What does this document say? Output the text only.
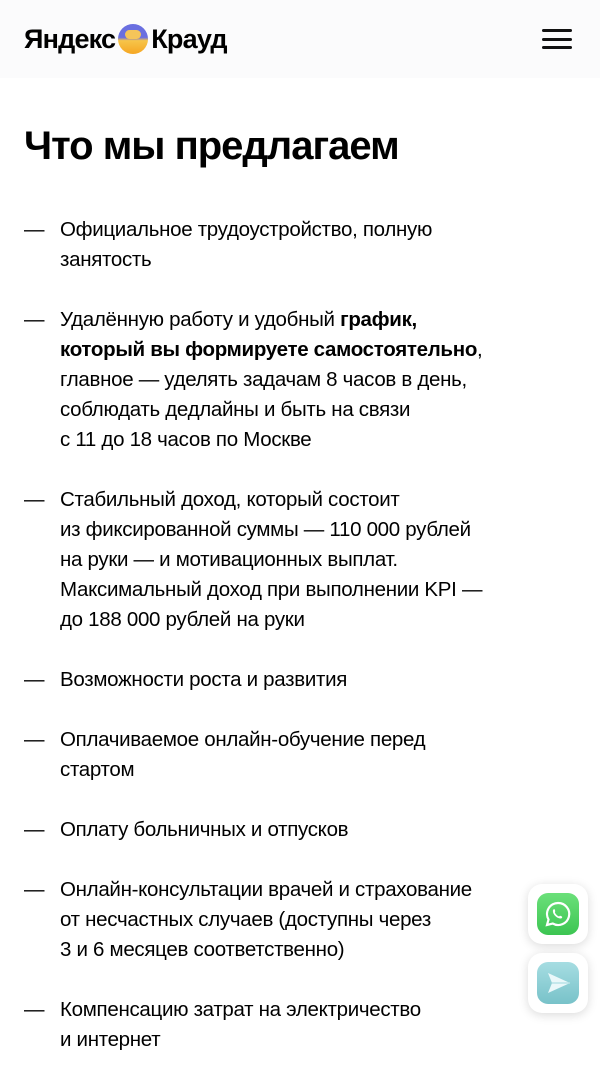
Яндекс Крауд
Что мы предлагаем
— Официальное трудоустройство, полную
занятость
— Удалённую работу и удобный график,
который вы формируете самостоятельно,
главное — уделять задачам 8 часов в день,
соблюдать дедлайны и быть на связи
с 11 до 18 часов по Москве
— Стабильный доход, который состоит
из фиксированной суммы — 110 000 рублей
на руки — и мотивационных выплат.
Максимальный доход при выполнении KPI —
до 188 000 рублей на руки
— Возможности роста и развития
— Оплачиваемое онлайн-обучение перед
стартом
— Оплату больничных и отпусков
— Онлайн-консультации врачей и страхование
от несчастных случаев (доступны через
3 и 6 месяцев соответственно)
— Компенсацию затрат на электричество
и интернет
